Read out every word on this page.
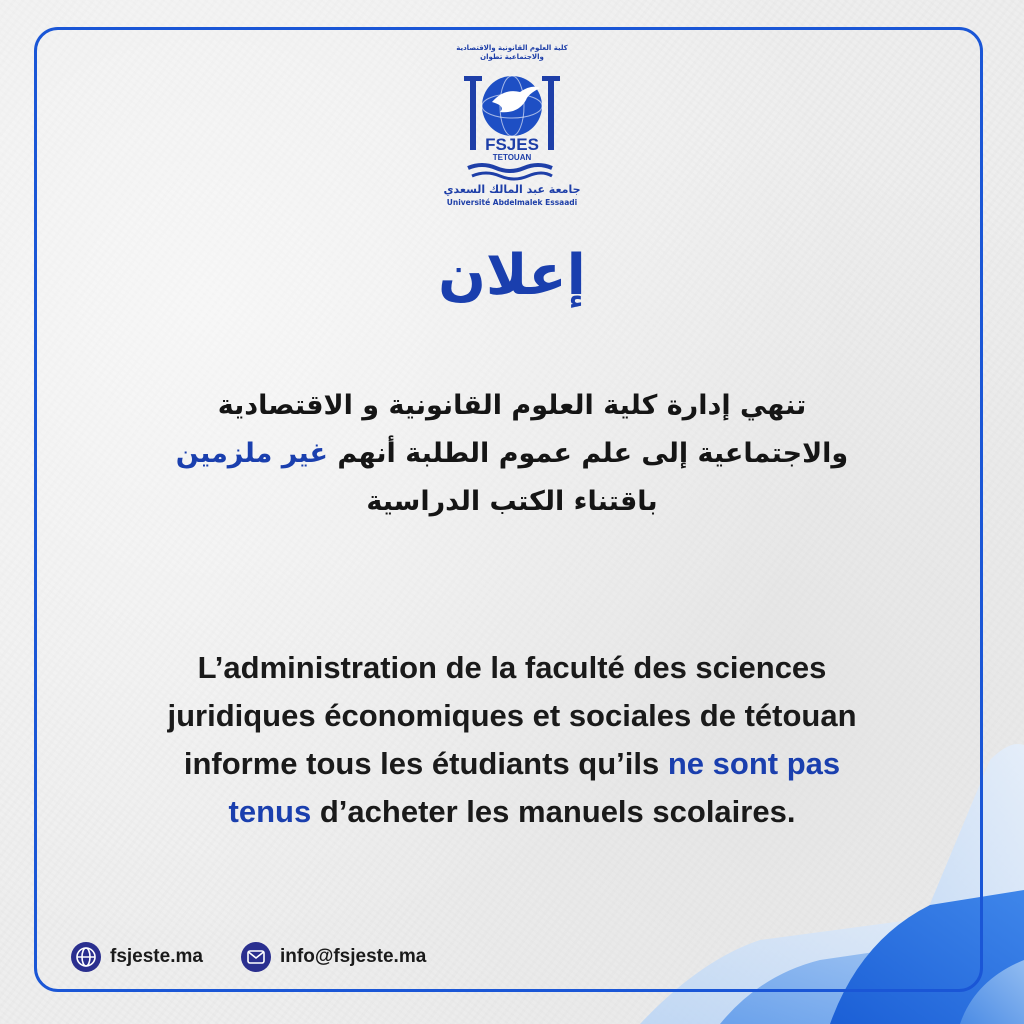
كلية العلوم القانونية والاقتصادية والاجتماعية تطوان
FSJES
TETOUAN
جامعة عبد المالك السعدي
Université Abdelmalek Essaadi
إعلان
تنهي إدارة كلية العلوم القانونية و الاقتصادية
والاجتماعية إلى علم عموم الطلبة أنهم غير ملزمين
باقتناء الكتب الدراسية
L’administration de la faculté des sciences
juridiques économiques et sociales de tétouan
informe tous les étudiants qu’ils ne sont pas
tenus d’acheter les manuels scolaires.
fsjeste.ma	info@fsjeste.ma
